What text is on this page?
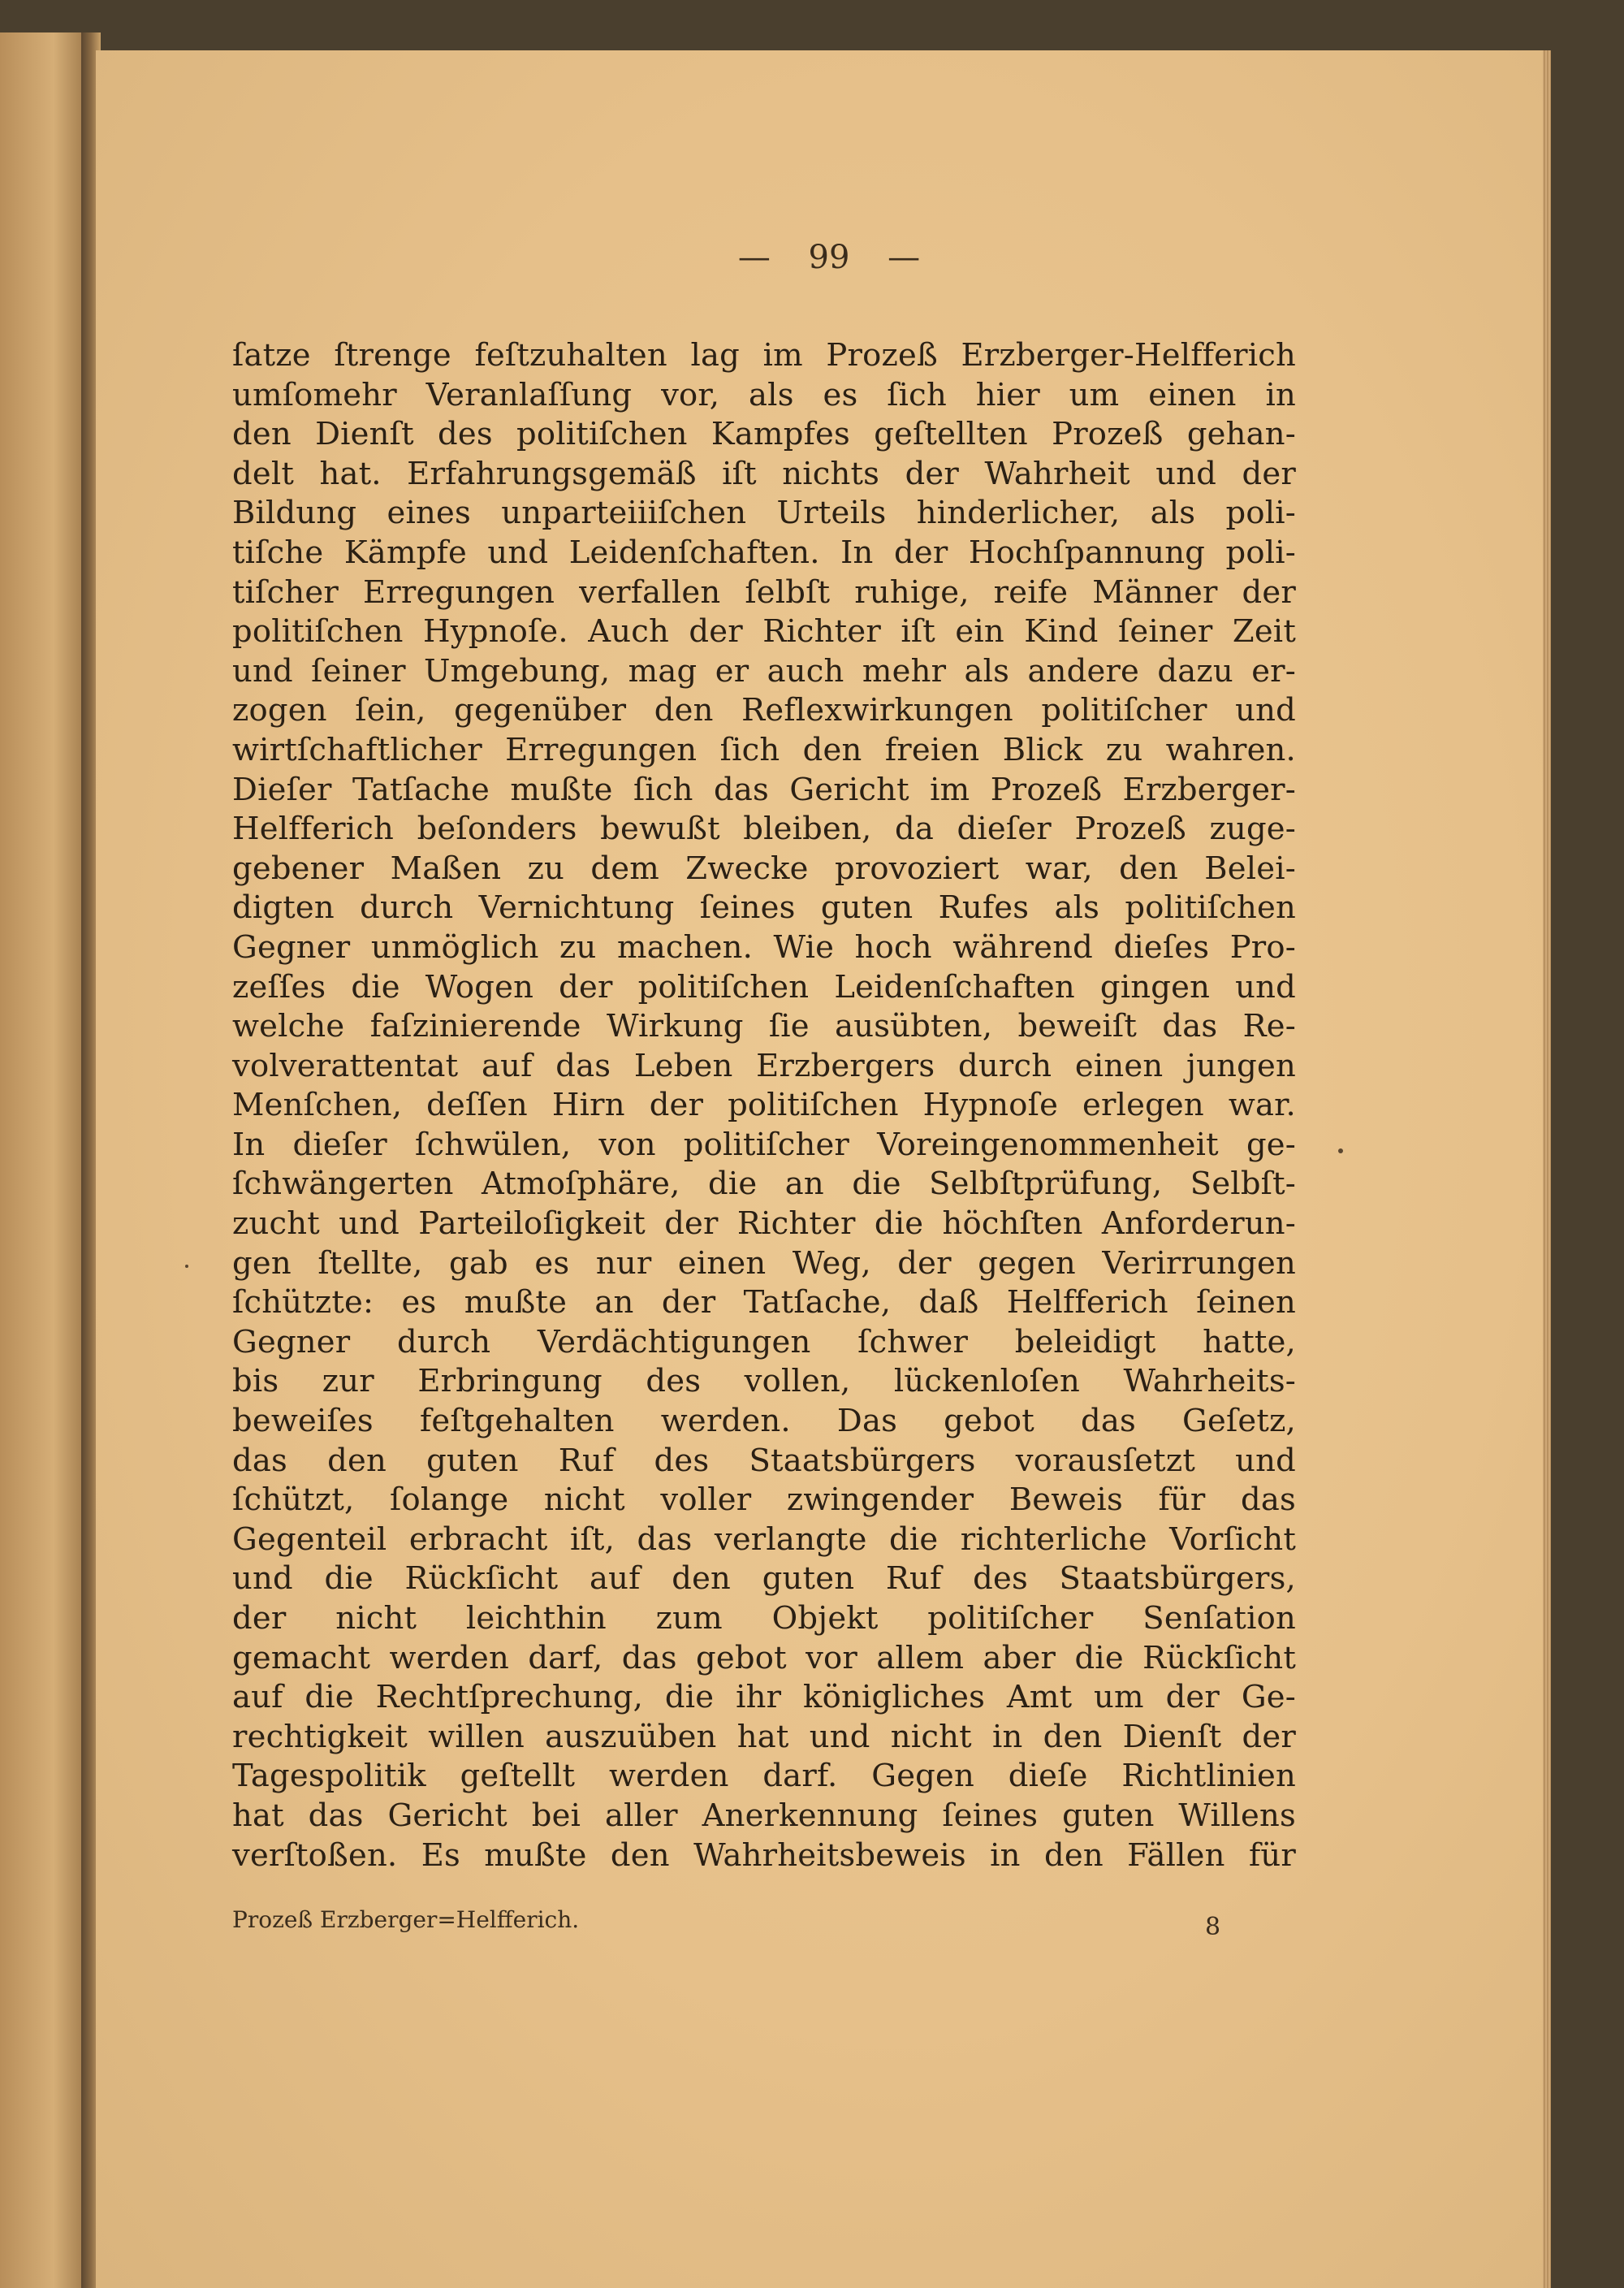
— 99 —
ſatze ſtrenge feſtzuhalten lag im Prozeß Erzberger-Helfferich
umſomehr Veranlaſſung vor, als es ſich hier um einen in
den Dienſt des politiſchen Kampfes geſtellten Prozeß gehan-
delt hat. Erfahrungsgemäß iſt nichts der Wahrheit und der
Bildung eines unparteiiiſchen Urteils hinderlicher, als poli-
tiſche Kämpfe und Leidenſchaften. In der Hochſpannung poli-
tiſcher Erregungen verfallen ſelbſt ruhige, reife Männer der
politiſchen Hypnoſe. Auch der Richter iſt ein Kind ſeiner Zeit
und ſeiner Umgebung, mag er auch mehr als andere dazu er-
zogen ſein, gegenüber den Reflexwirkungen politiſcher und
wirtſchaftlicher Erregungen ſich den freien Blick zu wahren.
Dieſer Tatſache mußte ſich das Gericht im Prozeß Erzberger-
Helfferich beſonders bewußt bleiben, da dieſer Prozeß zuge-
gebener Maßen zu dem Zwecke provoziert war, den Belei-
digten durch Vernichtung ſeines guten Rufes als politiſchen
Gegner unmöglich zu machen. Wie hoch während dieſes Pro-
zeſſes die Wogen der politiſchen Leidenſchaften gingen und
welche faſzinierende Wirkung ſie ausübten, beweiſt das Re-
volverattentat auf das Leben Erzbergers durch einen jungen
Menſchen, deſſen Hirn der politiſchen Hypnoſe erlegen war.
In dieſer ſchwülen, von politiſcher Voreingenommenheit ge-
ſchwängerten Atmoſphäre, die an die Selbſtprüfung, Selbſt-
zucht und Parteiloſigkeit der Richter die höchſten Anforderun-
gen ſtellte, gab es nur einen Weg, der gegen Verirrungen
ſchützte: es mußte an der Tatſache, daß Helfferich ſeinen
Gegner durch Verdächtigungen ſchwer beleidigt hatte,
bis zur Erbringung des vollen, lückenloſen Wahrheits-
beweiſes feſtgehalten werden. Das gebot das Geſetz,
das den guten Ruf des Staatsbürgers vorausſetzt und
ſchützt, ſolange nicht voller zwingender Beweis für das
Gegenteil erbracht iſt, das verlangte die richterliche Vorſicht
und die Rückſicht auf den guten Ruf des Staatsbürgers,
der nicht leichthin zum Objekt politiſcher Senſation
gemacht werden darf, das gebot vor allem aber die Rückſicht
auf die Rechtſprechung, die ihr königliches Amt um der Ge-
rechtigkeit willen auszuüben hat und nicht in den Dienſt der
Tagespolitik geſtellt werden darf. Gegen dieſe Richtlinien
hat das Gericht bei aller Anerkennung ſeines guten Willens
verſtoßen. Es mußte den Wahrheitsbeweis in den Fällen für
Prozeß Erzberger=Helfferich.	8
